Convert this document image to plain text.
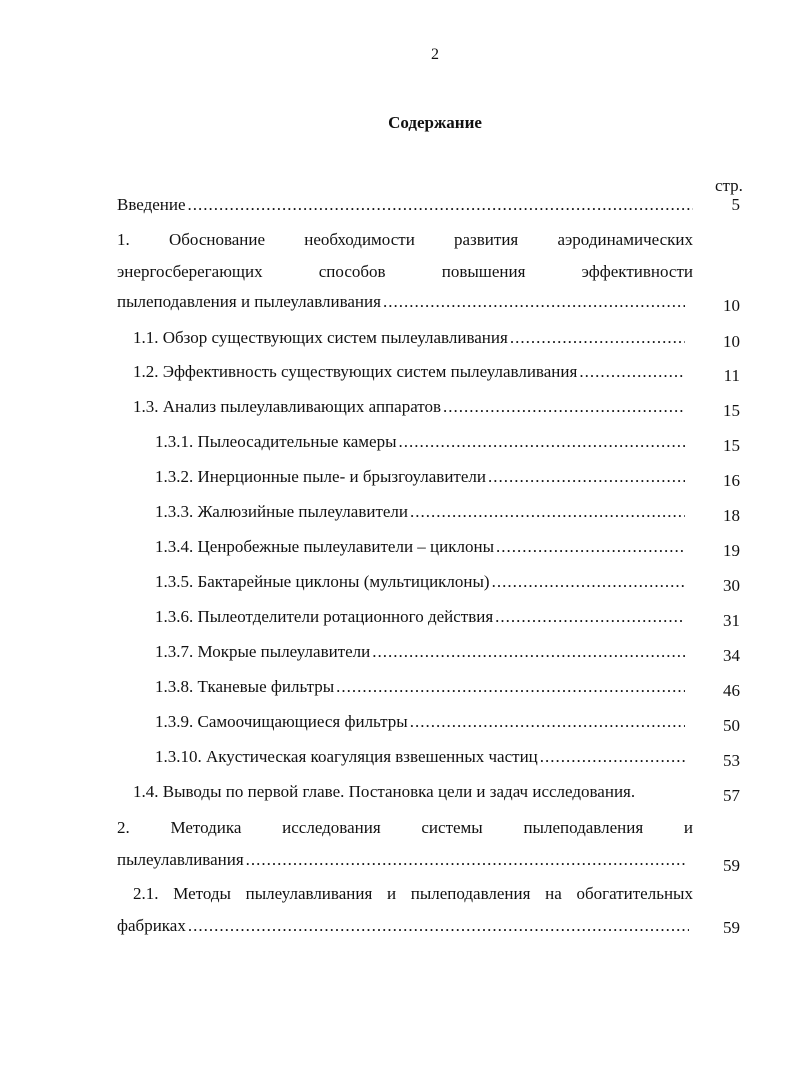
2
Содержание
стр.
Введение .....	5
1. Обоснование необходимости развития аэродинамических
энергосберегающих	способов	повышения	эффективности
пылеподавления и пылеулавливания .....	10
1.1. Обзор существующих систем пылеулавливания .....	10
1.2. Эффективность существующих систем пылеулавливания .....	11
1.3. Анализ пылеулавливающих аппаратов .....	15
1.3.1. Пылеосадительные камеры .....	15
1.3.2. Инерционные пыле- и брызгоулавители .....	16
1.3.3. Жалюзийные пылеулавители .....	18
1.3.4. Ценробежные пылеулавители – циклоны .....	19
1.3.5. Бактарейные циклоны (мультициклоны) .....	30
1.3.6. Пылеотделители ротационного действия .....	31
1.3.7. Мокрые пылеулавители .....	34
1.3.8. Тканевые фильтры .....	46
1.3.9. Самоочищающиеся фильтры .....	50
1.3.10. Акустическая коагуляция взвешенных частиц .....	53
1.4. Выводы по первой главе. Постановка цели и задач исследования.	57
2. Методика исследования системы пылеподавления и
пылеулавливания .....	59
2.1. Методы пылеулавливания и пылеподавления на обогатительных
фабриках .....	59
